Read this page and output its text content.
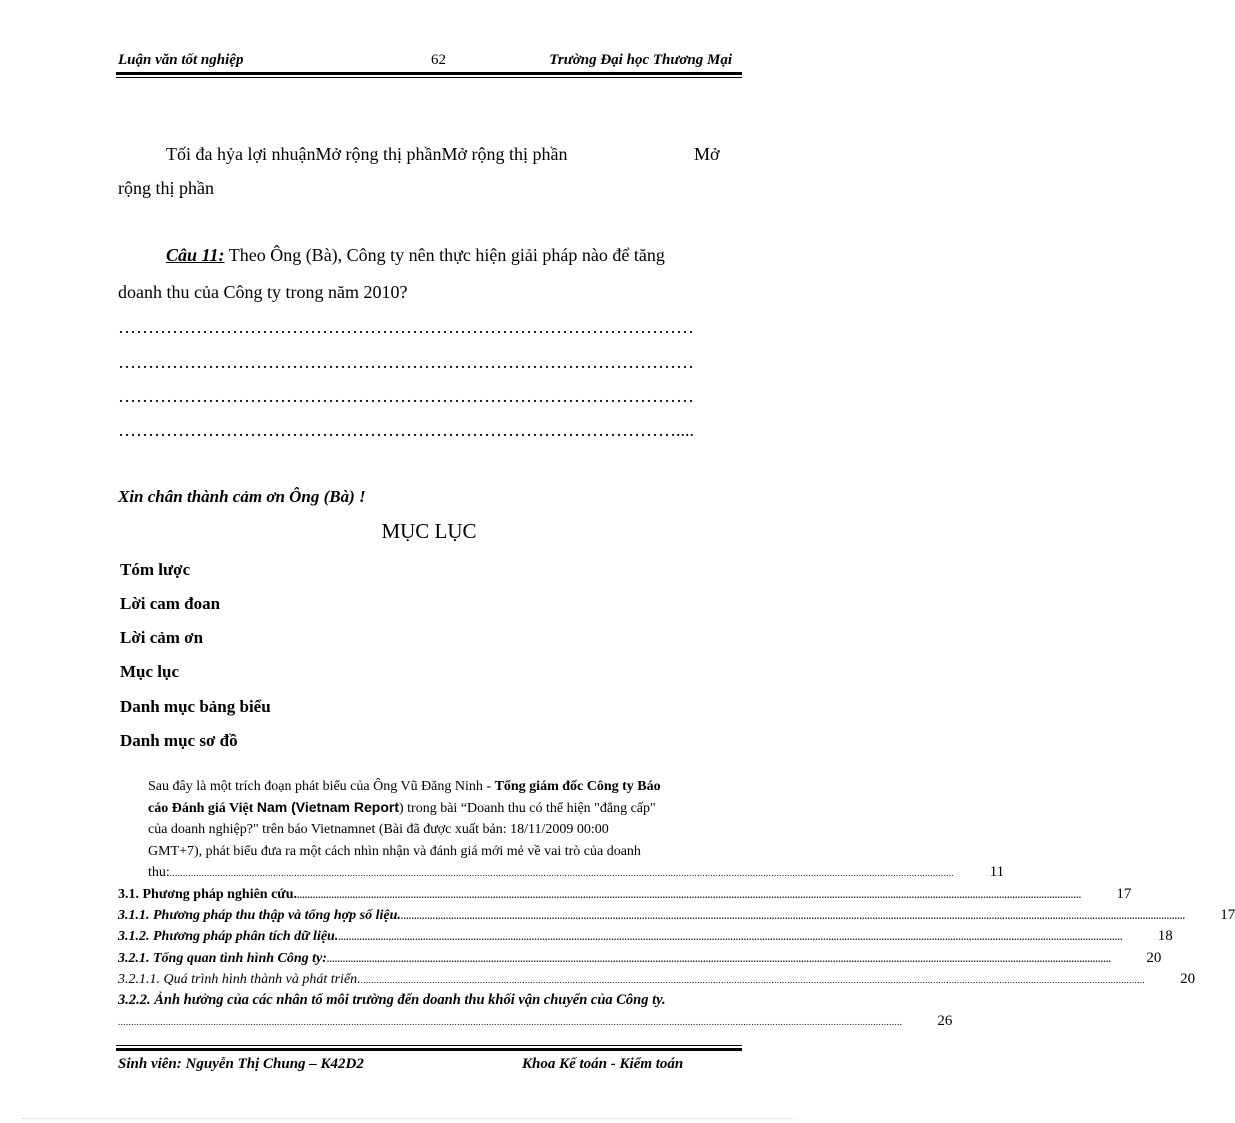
Luận văn tốt nghiệp	62	Trường Đại học Thương Mại
Tối đa hỷa lợi nhuậnMở rộng thị phầnMở rộng thị phần	Mở
rộng thị phần
Câu 11: Theo Ông (Bà), Công ty nên thực hiện giải pháp nào để tăng
doanh thu của Công ty trong năm 2010?
……………………………………………………………………………………
……………………………………………………………………………………
……………………………………………………………………………………
…………………………………………………………………………………....
Xin chân thành cảm ơn Ông (Bà) !
MỤC LỤC
Tóm lược
Lời cam đoan
Lời cảm ơn
Mục lục
Danh mục bảng biểu
Danh mục sơ đồ
Sau đây là một trích đoạn phát biểu của Ông Vũ Đăng Ninh - Tổng giám đốc Công ty Báo
cáo Đánh giá Việt Nam (Vietnam Report) trong bài “Doanh thu có thể hiện "đẳng cấp"
của doanh nghiệp?" trên báo Vietnamnet (Bài đã được xuất bản: 18/11/2009 00:00
GMT+7), phát biểu đưa ra một cách nhìn nhận và đánh giá mới mẻ về vai trò của doanh
thu: ........................................................................................................................................................................................................................................................................................................	11
3.1. Phương pháp nghiên cứu. ........................................................................................................................................................................................................................................................................................................	17
3.1.1. Phương pháp thu thập và tổng hợp số liệu. ........................................................................................................................................................................................................................................................................................................	17
3.1.2. Phương pháp phân tích dữ liệu. ........................................................................................................................................................................................................................................................................................................	18
3.2.1. Tổng quan tình hình Công ty: ........................................................................................................................................................................................................................................................................................................	20
3.2.1.1. Quá trình hình thành và phát triển. ........................................................................................................................................................................................................................................................................................................	20
3.2.2. Ảnh hưởng của các nhân tố môi trường đến doanh thu khối vận chuyển của Công ty.
........................................................................................................................................................................................................................................................................................................	26
Sinh viên: Nguyễn Thị Chung – K42D2	Khoa Kế toán - Kiểm toán
